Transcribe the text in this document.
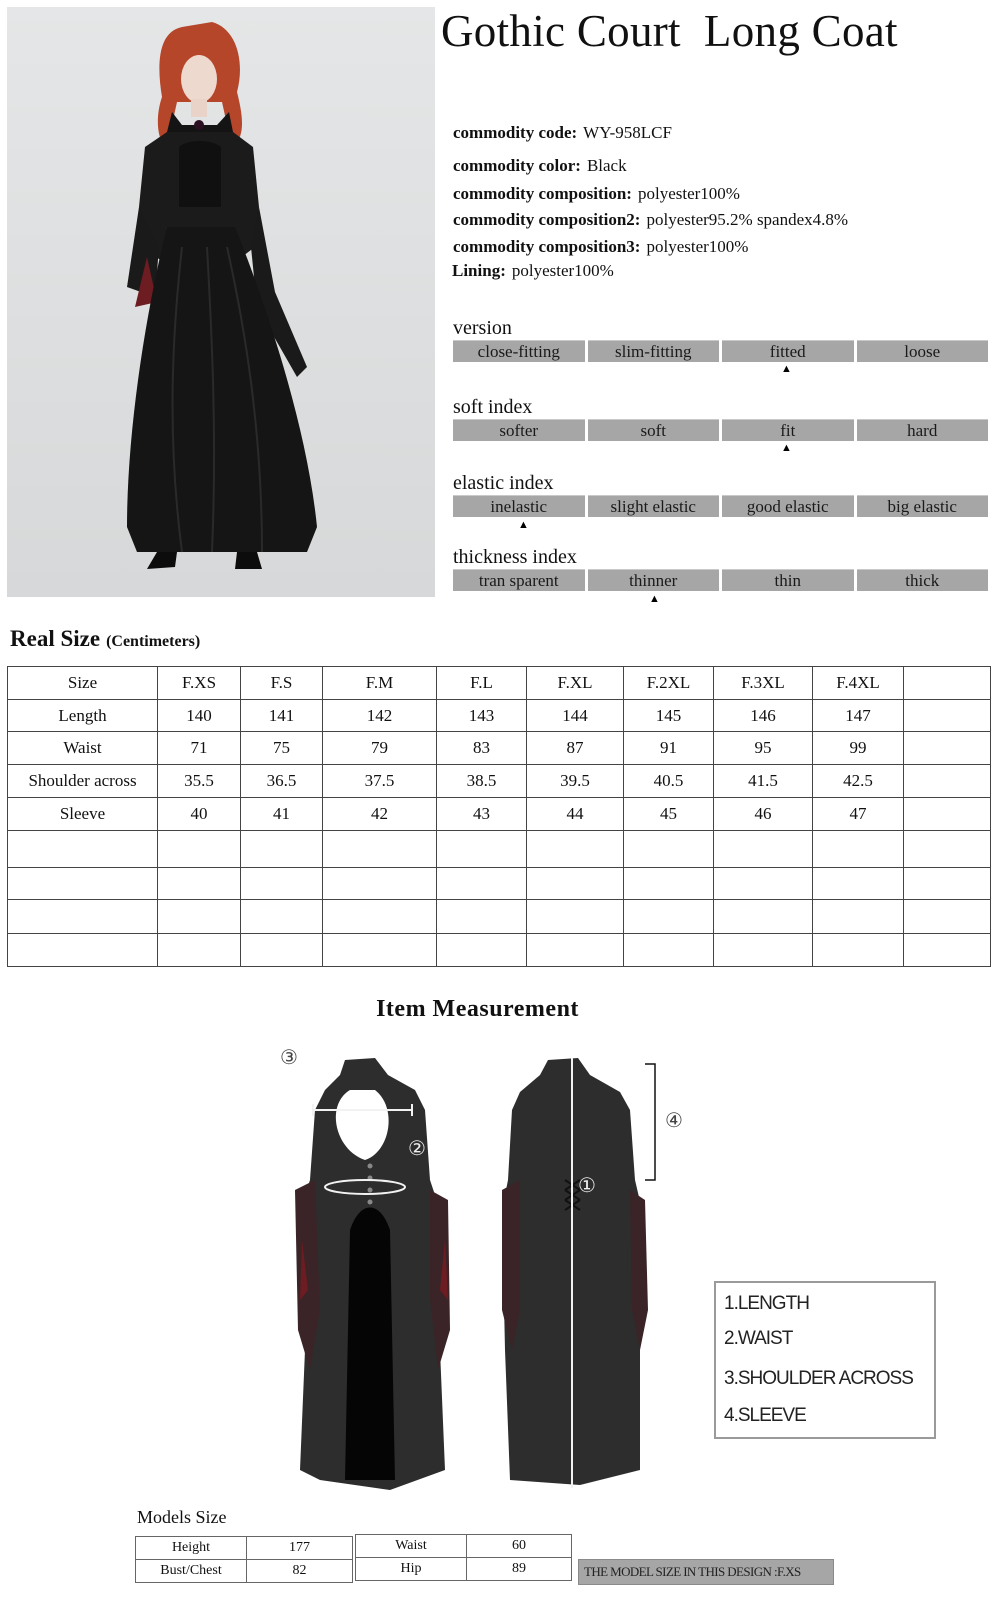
Gothic Court  Long Coat
commodity code: WY-958LCF
commodity color: Black
commodity composition: polyester100%
commodity composition2: polyester95.2% spandex4.8%
commodity composition3: polyester100%
Lining: polyester100%
version
close-fitting	slim-fitting	fitted	loose
▲
soft index
softer	soft	fit	hard
▲
elastic index
inelastic	slight elastic	good elastic	big elastic
▲
thickness index
tran sparent	thinner	thin	thick
▲
Real Size (Centimeters)
Size	F.XS	F.S	F.M	F.L	F.XL	F.2XL	F.3XL	F.4XL	
Length	140	141	142	143	144	145	146	147	
Waist	71	75	79	83	87	91	95	99	
Shoulder across	35.5	36.5	37.5	38.5	39.5	40.5	41.5	42.5	
Sleeve	40	41	42	43	44	45	46	47	

Item Measurement
③
②
①
④
1.LENGTH
2.WAIST
3.SHOULDER ACROSS
4.SLEEVE
Models Size
Height	177
Bust/Chest	82
Waist	60
Hip	89	THE MODEL SIZE IN THIS DESIGN :F.XS
